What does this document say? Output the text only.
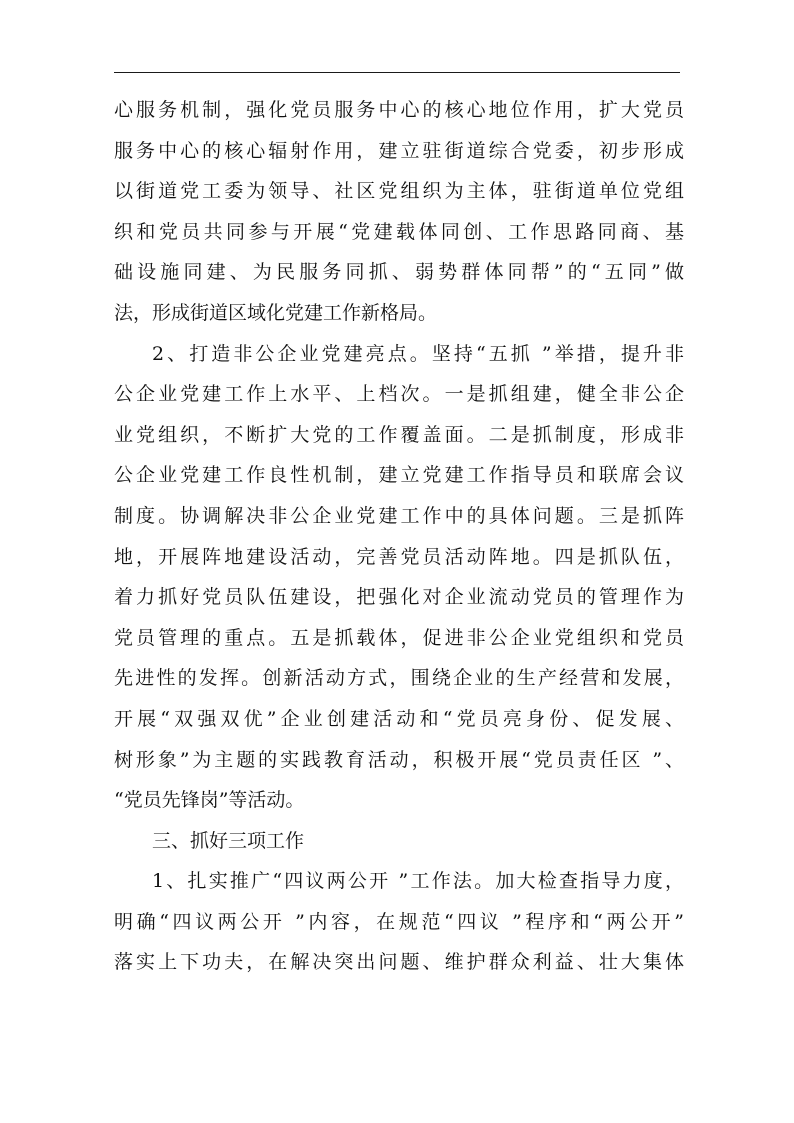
心服务机制，强化党员服务中心的核心地位作用，扩大党员
服务中心的核心辐射作用，建立驻街道综合党委，初步形成
以街道党工委为领导、社区党组织为主体，驻街道单位党组
织和党员共同参与开展“党建载体同创、工作思路同商、基
础设施同建、为民服务同抓、弱势群体同帮”的“五同”做
法，形成街道区域化党建工作新格局。
2、打造非公企业党建亮点。坚持“五抓 ”举措，提升非
公企业党建工作上水平、上档次。一是抓组建，健全非公企
业党组织，不断扩大党的工作覆盖面。二是抓制度，形成非
公企业党建工作良性机制，建立党建工作指导员和联席会议
制度。协调解决非公企业党建工作中的具体问题。三是抓阵
地，开展阵地建设活动，完善党员活动阵地。四是抓队伍，
着力抓好党员队伍建设，把强化对企业流动党员的管理作为
党员管理的重点。五是抓载体，促进非公企业党组织和党员
先进性的发挥。创新活动方式，围绕企业的生产经营和发展，
开展“双强双优”企业创建活动和“党员亮身份、促发展、
树形象”为主题的实践教育活动，积极开展“党员责任区 ”、
“党员先锋岗”等活动。
三、抓好三项工作
1、扎实推广“四议两公开 ”工作法。加大检查指导力度，
明确“四议两公开 ”内容，在规范“四议 ”程序和“两公开”
落实上下功夫，在解决突出问题、维护群众利益、壮大集体
